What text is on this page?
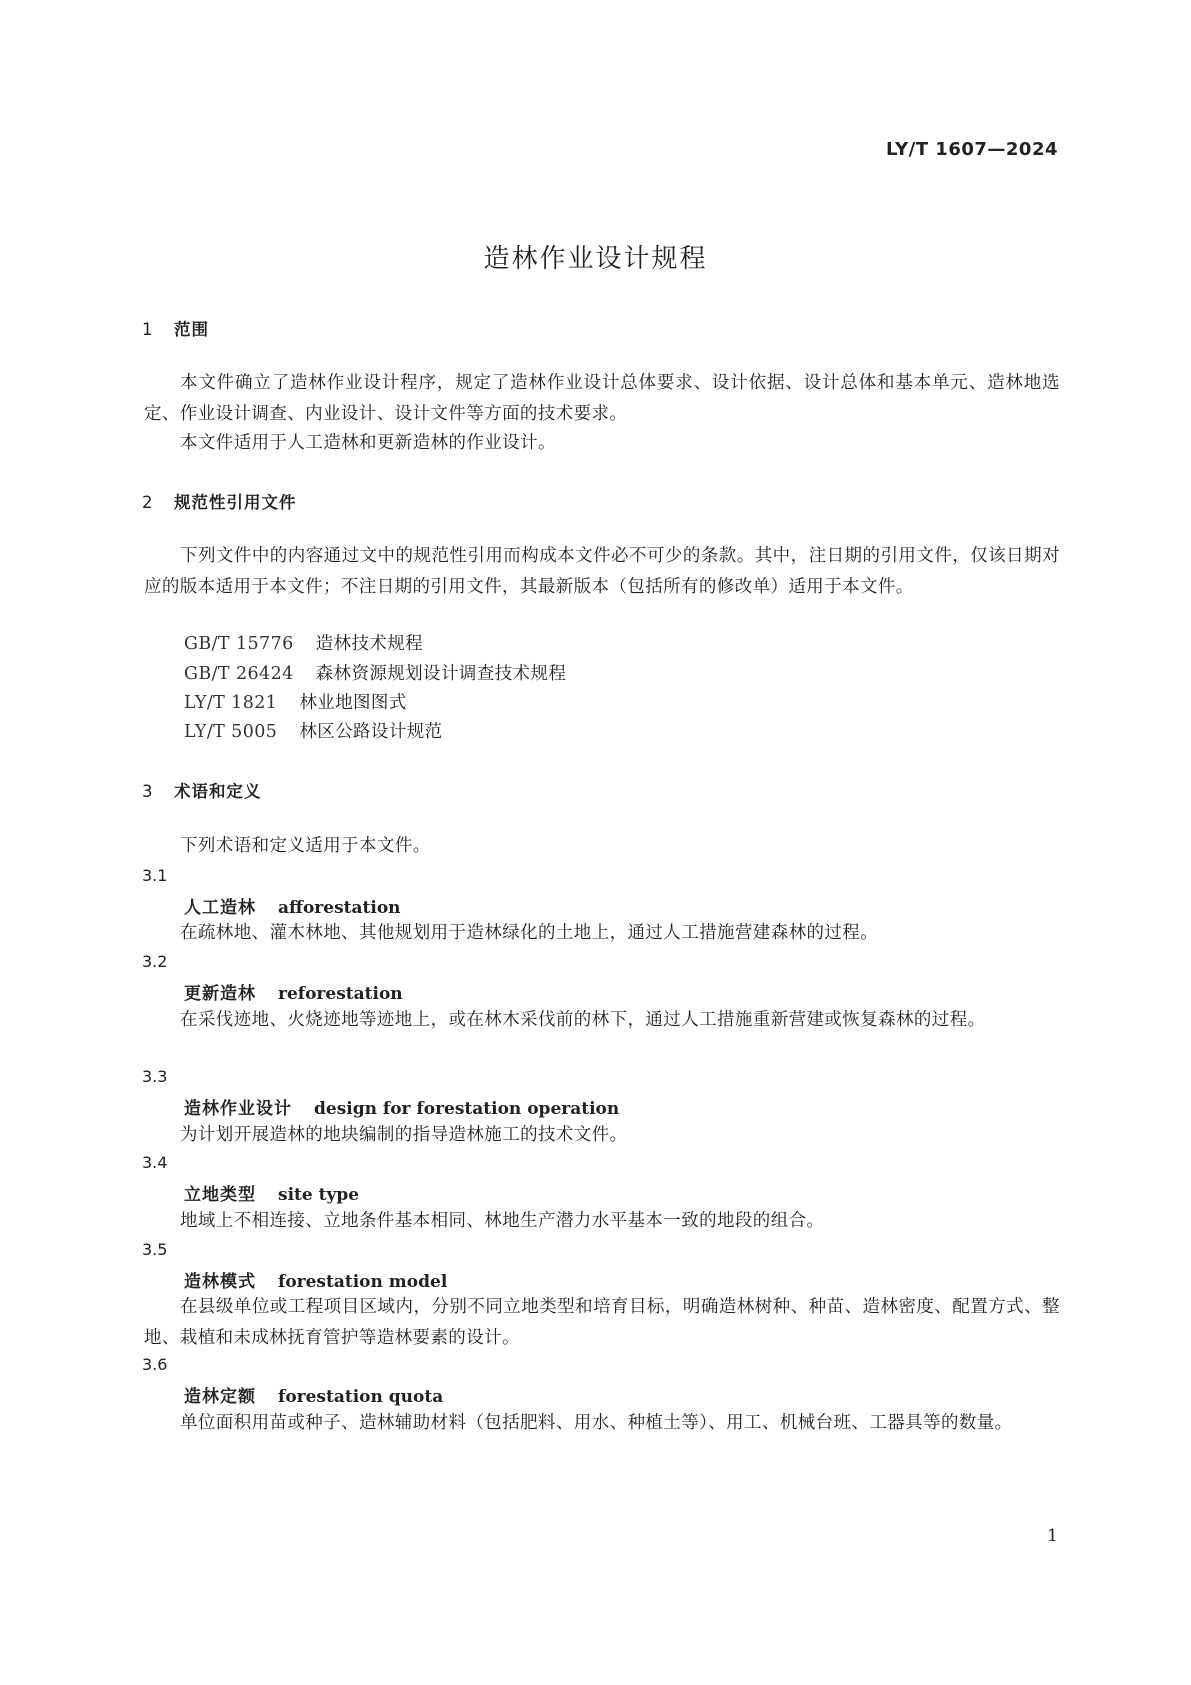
LY/T 1607—2024
造林作业设计规程
1 范围
本文件确立了造林作业设计程序，规定了造林作业设计总体要求、设计依据、设计总体和基本单元、造林地选定、作业设计调查、内业设计、设计文件等方面的技术要求。
本文件适用于人工造林和更新造林的作业设计。
2 规范性引用文件
下列文件中的内容通过文中的规范性引用而构成本文件必不可少的条款。其中，注日期的引用文件，仅该日期对应的版本适用于本文件；不注日期的引用文件，其最新版本（包括所有的修改单）适用于本文件。
GB/T 15776 造林技术规程
GB/T 26424 森林资源规划设计调查技术规程
LY/T 1821 林业地图图式
LY/T 5005 林区公路设计规范
3 术语和定义
下列术语和定义适用于本文件。
3.1
人工造林 afforestation
在疏林地、灌木林地、其他规划用于造林绿化的土地上，通过人工措施营建森林的过程。
3.2
更新造林 reforestation
在采伐迹地、火烧迹地等迹地上，或在林木采伐前的林下，通过人工措施重新营建或恢复森林的过程。
3.3
造林作业设计 design for forestation operation
为计划开展造林的地块编制的指导造林施工的技术文件。
3.4
立地类型 site type
地域上不相连接、立地条件基本相同、林地生产潜力水平基本一致的地段的组合。
3.5
造林模式 forestation model
在县级单位或工程项目区域内，分别不同立地类型和培育目标，明确造林树种、种苗、造林密度、配置方式、整地、栽植和未成林抚育管护等造林要素的设计。
3.6
造林定额 forestation quota
单位面积用苗或种子、造林辅助材料（包括肥料、用水、种植土等）、用工、机械台班、工器具等的数量。
1
